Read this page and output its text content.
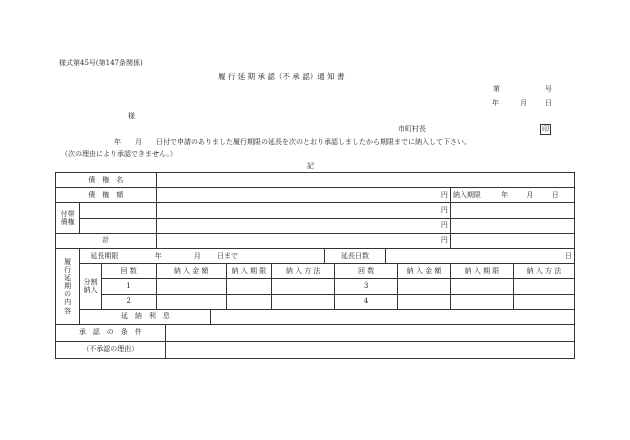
様式第45号(第147条関係)
履 行 延 期 承 認（不 承 認）通 知 書
第	号
年	月	日
様
市町村長	印
年　　月　　日付で申請のありました履行期限の延長を次のとおり承認しましたから期限までに納入して下さい。
（次の理由により承認できません。）
記
債　権　名													
債　権　額			円									納入期限 年 月 日	
付帯債権			円										
			円										
計			円										
履行延期の内容	延長期限 年 月 日まで							延長日数		日			
	分割納入	回 数	納 入 金 額			納 入 期 限	納 入 方 法		回 数		納 入 金 額	納 入 期 限	納 入 方 法
		1							3				
		2							4				
	延　納　利　息												
承　認　の　条　件													
（不承認の理由）													
